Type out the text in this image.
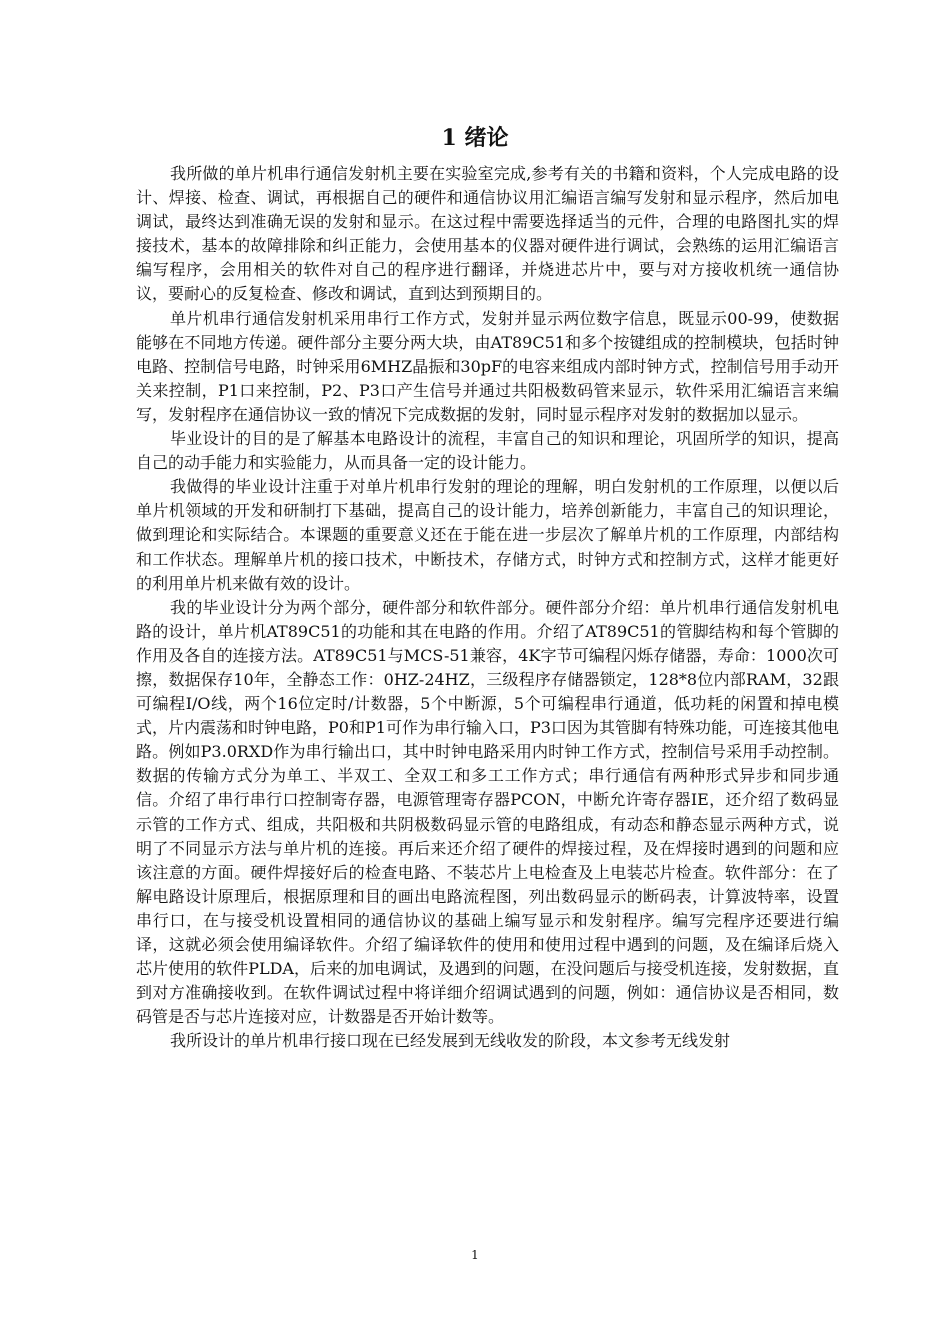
1 绪论

我所做的单片机串行通信发射机主要在实验室完成,参考有关的书籍和资料，个人完成电路的设计、焊接、检查、调试，再根据自己的硬件和通信协议用汇编语言编写发射和显示程序，然后加电调试，最终达到准确无误的发射和显示。在这过程中需要选择适当的元件，合理的电路图扎实的焊接技术，基本的故障排除和纠正能力，会使用基本的仪器对硬件进行调试，会熟练的运用汇编语言编写程序，会用相关的软件对自己的程序进行翻译，并烧进芯片中，要与对方接收机统一通信协议，要耐心的反复检查、修改和调试，直到达到预期目的。

单片机串行通信发射机采用串行工作方式，发射并显示两位数字信息，既显示00-99，使数据能够在不同地方传递。硬件部分主要分两大块，由AT89C51和多个按键组成的控制模块，包括时钟电路、控制信号电路，时钟采用6MHZ晶振和30pF的电容来组成内部时钟方式，控制信号用手动开关来控制，P1口来控制，P2、P3口产生信号并通过共阳极数码管来显示，软件采用汇编语言来编写，发射程序在通信协议一致的情况下完成数据的发射，同时显示程序对发射的数据加以显示。

毕业设计的目的是了解基本电路设计的流程，丰富自己的知识和理论，巩固所学的知识，提高自己的动手能力和实验能力，从而具备一定的设计能力。

我做得的毕业设计注重于对单片机串行发射的理论的理解，明白发射机的工作原理，以便以后单片机领域的开发和研制打下基础，提高自己的设计能力，培养创新能力，丰富自己的知识理论，做到理论和实际结合。本课题的重要意义还在于能在进一步层次了解单片机的工作原理，内部结构和工作状态。理解单片机的接口技术，中断技术，存储方式，时钟方式和控制方式，这样才能更好的利用单片机来做有效的设计。

我的毕业设计分为两个部分，硬件部分和软件部分。硬件部分介绍：单片机串行通信发射机电路的设计，单片机AT89C51的功能和其在电路的作用。介绍了AT89C51的管脚结构和每个管脚的作用及各自的连接方法。AT89C51与MCS-51兼容，4K字节可编程闪烁存储器，寿命：1000次可擦，数据保存10年，全静态工作：0HZ-24HZ，三级程序存储器锁定，128*8位内部RAM，32跟可编程I/O线，两个16位定时/计数器，5个中断源，5个可编程串行通道，低功耗的闲置和掉电模式，片内震荡和时钟电路，P0和P1可作为串行输入口，P3口因为其管脚有特殊功能，可连接其他电路。例如P3.0RXD作为串行输出口，其中时钟电路采用内时钟工作方式，控制信号采用手动控制。数据的传输方式分为单工、半双工、全双工和多工工作方式；串行通信有两种形式异步和同步通信。介绍了串行串行口控制寄存器，电源管理寄存器PCON，中断允许寄存器IE，还介绍了数码显示管的工作方式、组成，共阳极和共阴极数码显示管的电路组成，有动态和静态显示两种方式，说明了不同显示方法与单片机的连接。再后来还介绍了硬件的焊接过程，及在焊接时遇到的问题和应该注意的方面。硬件焊接好后的检查电路、不装芯片上电检查及上电装芯片检查。软件部分：在了解电路设计原理后，根据原理和目的画出电路流程图，列出数码显示的断码表，计算波特率，设置串行口，在与接受机设置相同的通信协议的基础上编写显示和发射程序。编写完程序还要进行编译，这就必须会使用编译软件。介绍了编译软件的使用和使用过程中遇到的问题，及在编译后烧入芯片使用的软件PLDA，后来的加电调试，及遇到的问题，在没问题后与接受机连接，发射数据，直到对方准确接收到。在软件调试过程中将详细介绍调试遇到的问题，例如：通信协议是否相同，数码管是否与芯片连接对应，计数器是否开始计数等。

我所设计的单片机串行接口现在已经发展到无线收发的阶段，本文参考无线发射

1
